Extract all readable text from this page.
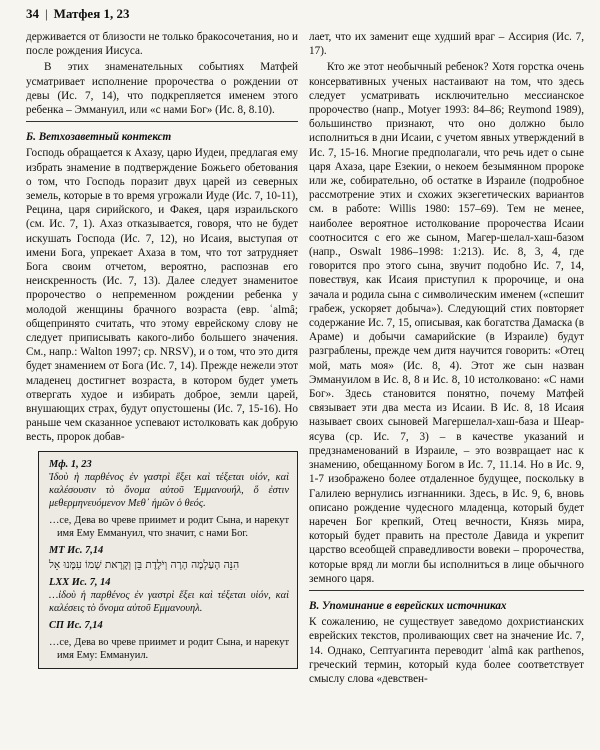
34 | Матфея 1, 23

держивается от близости не только бракосочетания, но и после рождения Иисуса.

В этих знаменательных событиях Матфей усматривает исполнение пророчества о рождении от девы (Ис. 7, 14), что подкрепляется именем этого ребенка – Эммануил, или «с нами Бог» (Ис. 8, 8.10).

Б. Ветхозаветный контекст

Господь обращается к Ахазу, царю Иудеи, предлагая ему избрать знамение в подтверждение Божьего обетования о том, что Господь поразит двух царей из северных земель, которые в то время угрожали Иуде (Ис. 7, 10-11), Рецина, царя сирийского, и Факея, царя израильского (см. Ис. 7, 1). Ахаз отказывается, говоря, что не будет искушать Господа (Ис. 7, 12), но Исаия, выступая от имени Бога, упрекает Ахаза в том, что тот затрудняет Бога своим отчетом, вероятно, распознав его неискренность (Ис. 7, 13). Далее следует знаменитое пророчество о непременном рождении ребенка у молодой женщины брачного возраста (евр. ʿalmâ; общепринято считать, что этому еврейскому слову не следует приписывать какого-либо большего значения. См., напр.: Walton 1997; ср. NRSV), и о том, что это дитя будет знамением от Бога (Ис. 7, 14). Прежде нежели этот младенец достигнет возраста, в котором будет уметь отвергать худое и избирать доброе, земли царей, внушающих страх, будут опустошены (Ис. 7, 15-16). Но раньше чем сказанное успевают истолковать как добрую весть, пророк добав-

Мф. 1, 23
Ἰδοὺ ἡ παρθένος ἐν γαστρὶ ἕξει καὶ τέξεται υἱόν, καὶ καλέσουσιν τὸ ὄνομα αὐτοῦ Ἐμμανουήλ, ὅ ἐστιν μεθερμηνευόμενον Μεθ᾽ ἡμῶν ὁ θεός.
…се, Дева во чреве приимет и родит Сына, и нарекут имя Ему Еммануил, что значит, с нами Бог.
МТ Ис. 7,14
הִנֵּה הָעַלְמָה הָרָה וְיֹלֶדֶת בֵּן וְקָרָאת שְׁמוֹ עִמָּנוּ אֵל
LXX Ис. 7, 14
…ἰδοὺ ἡ παρθένος ἐν γαστρὶ ἕξει καὶ τέξεται υἱόν, καὶ καλέσεις τὸ ὄνομα αὐτοῦ Εμμανουηλ.
СП Ис. 7,14
…се, Дева во чреве приимет и родит Сына, и нарекут имя Ему: Еммануил.

лает, что их заменит еще худший враг – Ассирия (Ис. 7, 17).

Кто же этот необычный ребенок? Хотя горстка очень консервативных ученых настаивают на том, что здесь следует усматривать исключительно мессианское пророчество (напр., Motyer 1993: 84–86; Reymond 1989), большинство признают, что оно должно было исполниться в дни Исаии, с учетом явных утверждений в Ис. 7, 15-16. Многие предполагали, что речь идет о сыне царя Ахаза, царе Езекии, о некоем безымянном пророке или же, собирательно, об остатке в Израиле (подробное рассмотрение этих и схожих экзегетических вариантов см. в работе: Willis 1980: 157–69). Тем не менее, наиболее вероятное истолкование пророчества Исаии соотносится с его же сыном, Магер-шелал-хаш-базом (напр., Oswalt 1986–1998: 1:213). Ис. 8, 3, 4, где говорится про этого сына, звучит подобно Ис. 7, 14, повествуя, как Исаия приступил к пророчице, и она зачала и родила сына с символическим именем («спешит грабеж, ускоряет добыча»). Следующий стих повторяет содержание Ис. 7, 15, описывая, как богатства Дамаска (в Араме) и добычи самарийские (в Израиле) будут разграблены, прежде чем дитя научится говорить: «Отец мой, мать моя» (Ис. 8, 4). Этот же сын назван Эммануилом в Ис. 8, 8 и Ис. 8, 10 истолковано: «С нами Бог». Здесь становится понятно, почему Матфей связывает эти два места из Исаии. В Ис. 8, 18 Исаия называет своих сыновей Магершелал-хаш-база и Шеар-ясува (ср. Ис. 7, 3) – в качестве указаний и предзнаменований в Израиле, – это возвращает нас к знамению, обещанному Богом в Ис. 7, 11.14. Но в Ис. 9, 1-7 изображено более отдаленное будущее, поскольку в Галилею вернулись изгнанники. Здесь, в Ис. 9, 6, вновь описано рождение чудесного младенца, который будет наречен Бог крепкий, Отец вечности, Князь мира, который будет править на престоле Давида и укрепит царство всеобщей справедливости вовеки – пророчества, которые вряд ли могли бы исполниться в лице обычного земного царя.

В. Упоминание в еврейских источниках

К сожалению, не существует заведомо дохристианских еврейских текстов, проливающих свет на значение Ис. 7, 14. Однако, Септуагинта переводит ʿalmâ как parthenos, греческий термин, который куда более соответствует смыслу слова «девствен-
